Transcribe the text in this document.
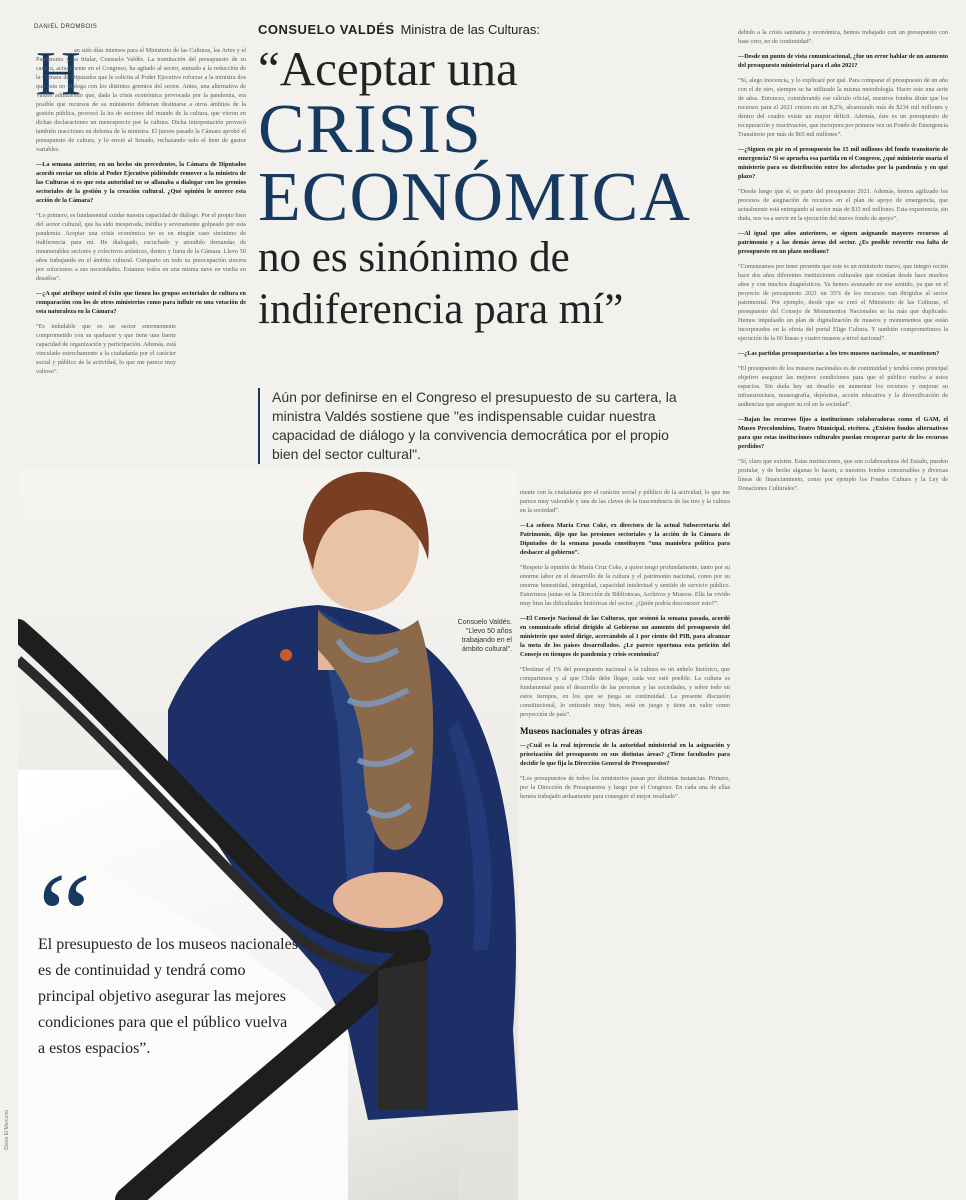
DANIEL DROMBOIS	CONSUELO VALDÉS Ministra de las Culturas:
“Aceptar una
CRISIS
ECONÓMICA
no es sinónimo de
indiferencia para mí”
Aún por definirse en el Congreso el presupuesto de su cartera, la ministra Valdés sostiene que "es indispensable cuidar nuestra capacidad de diálogo y la convivencia democrática por el propio bien del sector cultural".
H

an sido días intensos para el Ministerio de las Culturas, las Artes y el Patrimonio y su titular, Consuelo Valdés. La tramitación del presupuesto de su cartera, actualmente en el Congreso, ha agitado al sector, sumado a la reducción de la Cámara de Diputados que le solicita al Poder Ejecutivo reforzar a la ministra dos que esta no dialoga con los distintos gremios del sector. Antes, una alternativa de Valdés admitiendo que, dada la crisis económica provocada por la pandemia, era posible que recursos de su ministerio debieran destinarse a otros ámbitos de la gestión pública, provocó la ira de sectores del mundo de la cultura, que vieron en dichas declaraciones un menosprecio por la cultura. Dicha interpretación provocó también reacciones en defensa de la ministra. El jueves pasado la Cámara aprobó el presupuesto de cultura, y lo envió al Senado, rechazando solo el ítem de gastos variables.

—La semana anterior, en un hecho sin precedentes, la Cámara de Diputados acordó enviar un oficio al Poder Ejecutivo pidiéndole remover a la ministra de las Culturas si es que esta autoridad no se allanaba a dialogar con los gremios sectoriales de la gestión y la creación cultural. ¿Qué opinión le merece esta acción de la Cámara?

“Lo primero, es fundamental cuidar nuestra capacidad de diálogo. Por el propio bien del sector cultural, que ha sido inesperada, inédita y severamente golpeado por esta pandemia. Aceptar una crisis económica no es en ningún caso sinónimo de indiferencia para mí. He dialogado, escuchado y atendido demandas de innumerables sectores y colectivos artísticos, dentro y fuera de la Cámara. Llevo 50 años trabajando en el ámbito cultural. Comparto en todo su preocupación sincera por soluciones a sus necesidades. Estamos todos en una misma nave en vuelta en desafíos”.

—¿A qué atribuye usted el éxito que tienen los grupos sectoriales de cultura en comparación con los de otros ministerios como para influir en una votación de esta naturaleza en la Cámara?

“Es indudable que es un sector enormemente comprometido con su quehacer y que tiene una fuerte capacidad de organización y participación. Además, está vinculado estrechamente a la ciudadanía por el carácter social y público de la actividad, lo que me parece muy valioso”.

mente con la ciudadanía por el carácter social y público de la actividad, lo que me parece muy valorable y una de las claves de la trascendencia de las tres y la cultura en la sociedad”.

—La señora María Cruz Coke, ex directora de la actual Subsecretaría del Patrimonio, dijo que las presiones sectoriales y la acción de la Cámara de Diputados de la semana pasada constituyen “una maniobra política para deshacer al gobierno”.

“Respeto la opinión de María Cruz Coke, a quien tengo profundamente, tanto por su enorme labor en el desarrollo de la cultura y el patrimonio nacional, como por su enorme honestidad, integridad, capacidad intelectual y sentido de servicio público. Estuvimos juntas en la Dirección de Bibliotecas, Archivos y Museos. Ella ha vivido muy bien las dificultades históricas del sector. ¿Quién podría desconocer esto?”.

—El Consejo Nacional de las Culturas, que sesionó la semana pasada, acordó en comunicado oficial dirigido al Gobierno un aumento del presupuesto del ministerio que usted dirige, acercándolo al 1 por ciento del PIB, para alcanzar la meta de los países desarrollados. ¿Le parece oportuna esta petición del Consejo en tiempos de pandemia y crisis económica?

“Destinar el 1% del presupuesto nacional a la cultura es un anhelo histórico, que compartimos y al que Chile debe llegar, cada vez esté posible. La cultura es fundamental para el desarrollo de las personas y las sociedades, y sobre todo en estos tiempos, en los que se juega su continuidad. La presente discusión constitucional, lo entiendo muy bien, está en juego y tiene un valor como proyección de país”.

Museos nacionales y otras áreas

—¿Cuál es la real injerencia de la autoridad ministerial en la asignación y priorización del presupuesto en sus distintas áreas? ¿Tiene facultades para decidir lo que fija la Dirección General de Presupuestos?

“Los presupuestos de todos los ministerios pasan por distintas instancias. Primero, por la Dirección de Presupuestos y luego por el Congreso. En cada una de ellas hemos trabajado arduamente para conseguir el mejor resultado”.

debido a la crisis sanitaria y económica, hemos trabajado con un presupuesto con base cero, no de continuidad”.

—Desde un punto de vista comunicacional, ¿fue un error hablar de un aumento del presupuesto ministerial para el año 2021?

“Sí, alego inocencia, y lo explicaré por qué. Para comparar el presupuesto de un año con el de otro, siempre se ha utilizado la misma metodología. Hacer esto una serie de años. Entonces, considerando ese cálculo oficial, nuestros fondos dirán que los recursos para el 2021 crecen en un 8,2%, alcanzando más de $234 mil millones y dentro del cuadro existe un mayor déficit. Además, éste es un presupuesto de recuperación y reactivación, que incorpora por primera vez un Fondo de Emergencia Transitorio por más de $65 mil millones”.

—¿Siguen en pie en el presupuesto los 15 mil millones del fondo transitorio de emergencia? Si se aprueba esa partida en el Congreso, ¿qué ministerio usaría el ministerio para su distribución entre los afectados por la pandemia y en qué plazo?

“Desde luego que sí, es parte del presupuesto 2021. Además, hemos agilizado los procesos de asignación de recursos en el plan de apoyo de emergencia, que actualmente está entregando al sector más de $15 mil millones. Esta experiencia, sin duda, nos va a servir en la ejecución del nuevo fondo de apoyo”.

—Al igual que años anteriores, se siguen asignando mayores recursos al patrimonio y a las demás áreas del sector. ¿Es posible revertir esa falta de presupuesto en un plazo mediano?

“Comenzamos por tener presente que este es un ministerio nuevo, que integró recién hace dos años diferentes instituciones culturales que existían desde hace muchos años y con muchos diagnósticos. Ya hemos avanzado en ese sentido, ya que en el proyecto de presupuesto 2021 un 35% de los recursos van dirigidos al sector patrimonial. Por ejemplo, desde que se creó el Ministerio de las Culturas, el presupuesto del Consejo de Monumentos Nacionales se ha más que duplicado. Hemos impulsado un plan de digitalización de museos y monumentos que están incorporados en la oferta del portal Elige Cultura. Y también comprometimos la ejecución de la 60 líneas y cuatro museos a nivel nacional”.

—¿Las partidas presupuestarias a los tres museos nacionales, se mantienen?

“El presupuesto de los museos nacionales es de continuidad y tendrá como principal objetivo asegurar las mejores condiciones para que el público vuelva a estos espacios. Sin duda hay un desafío en aumentar los recursos y mejorar su infraestructura, museografía, depósitos, acción educativa y la diversificación de audiencias que asegure su rol en la sociedad”.

—Bajan los recursos fijos a instituciones colaboradoras como el GAM, el Museo Precolombino, Teatro Municipal, etcétera. ¿Existen fondos alternativos para que estas instituciones culturales puedan recuperar parte de los recursos perdidos?

“Sí, claro que existen. Estas instituciones, que son colaboradoras del Estado, pueden postular, y de hecho algunas lo hacen, a nuestros fondos concursables y diversas líneas de financiamiento, como por ejemplo los Fondos Cultura y la Ley de Donaciones Culturales”.

Consuelo Valdés. "Llevo 50 años trabajando en el ámbito cultural".
“
El presupuesto de los museos nacionales es de continuidad y tendrá como principal objetivo asegurar las mejores condiciones para que el público vuelva a estos espacios”.
Diario El Mercurio
